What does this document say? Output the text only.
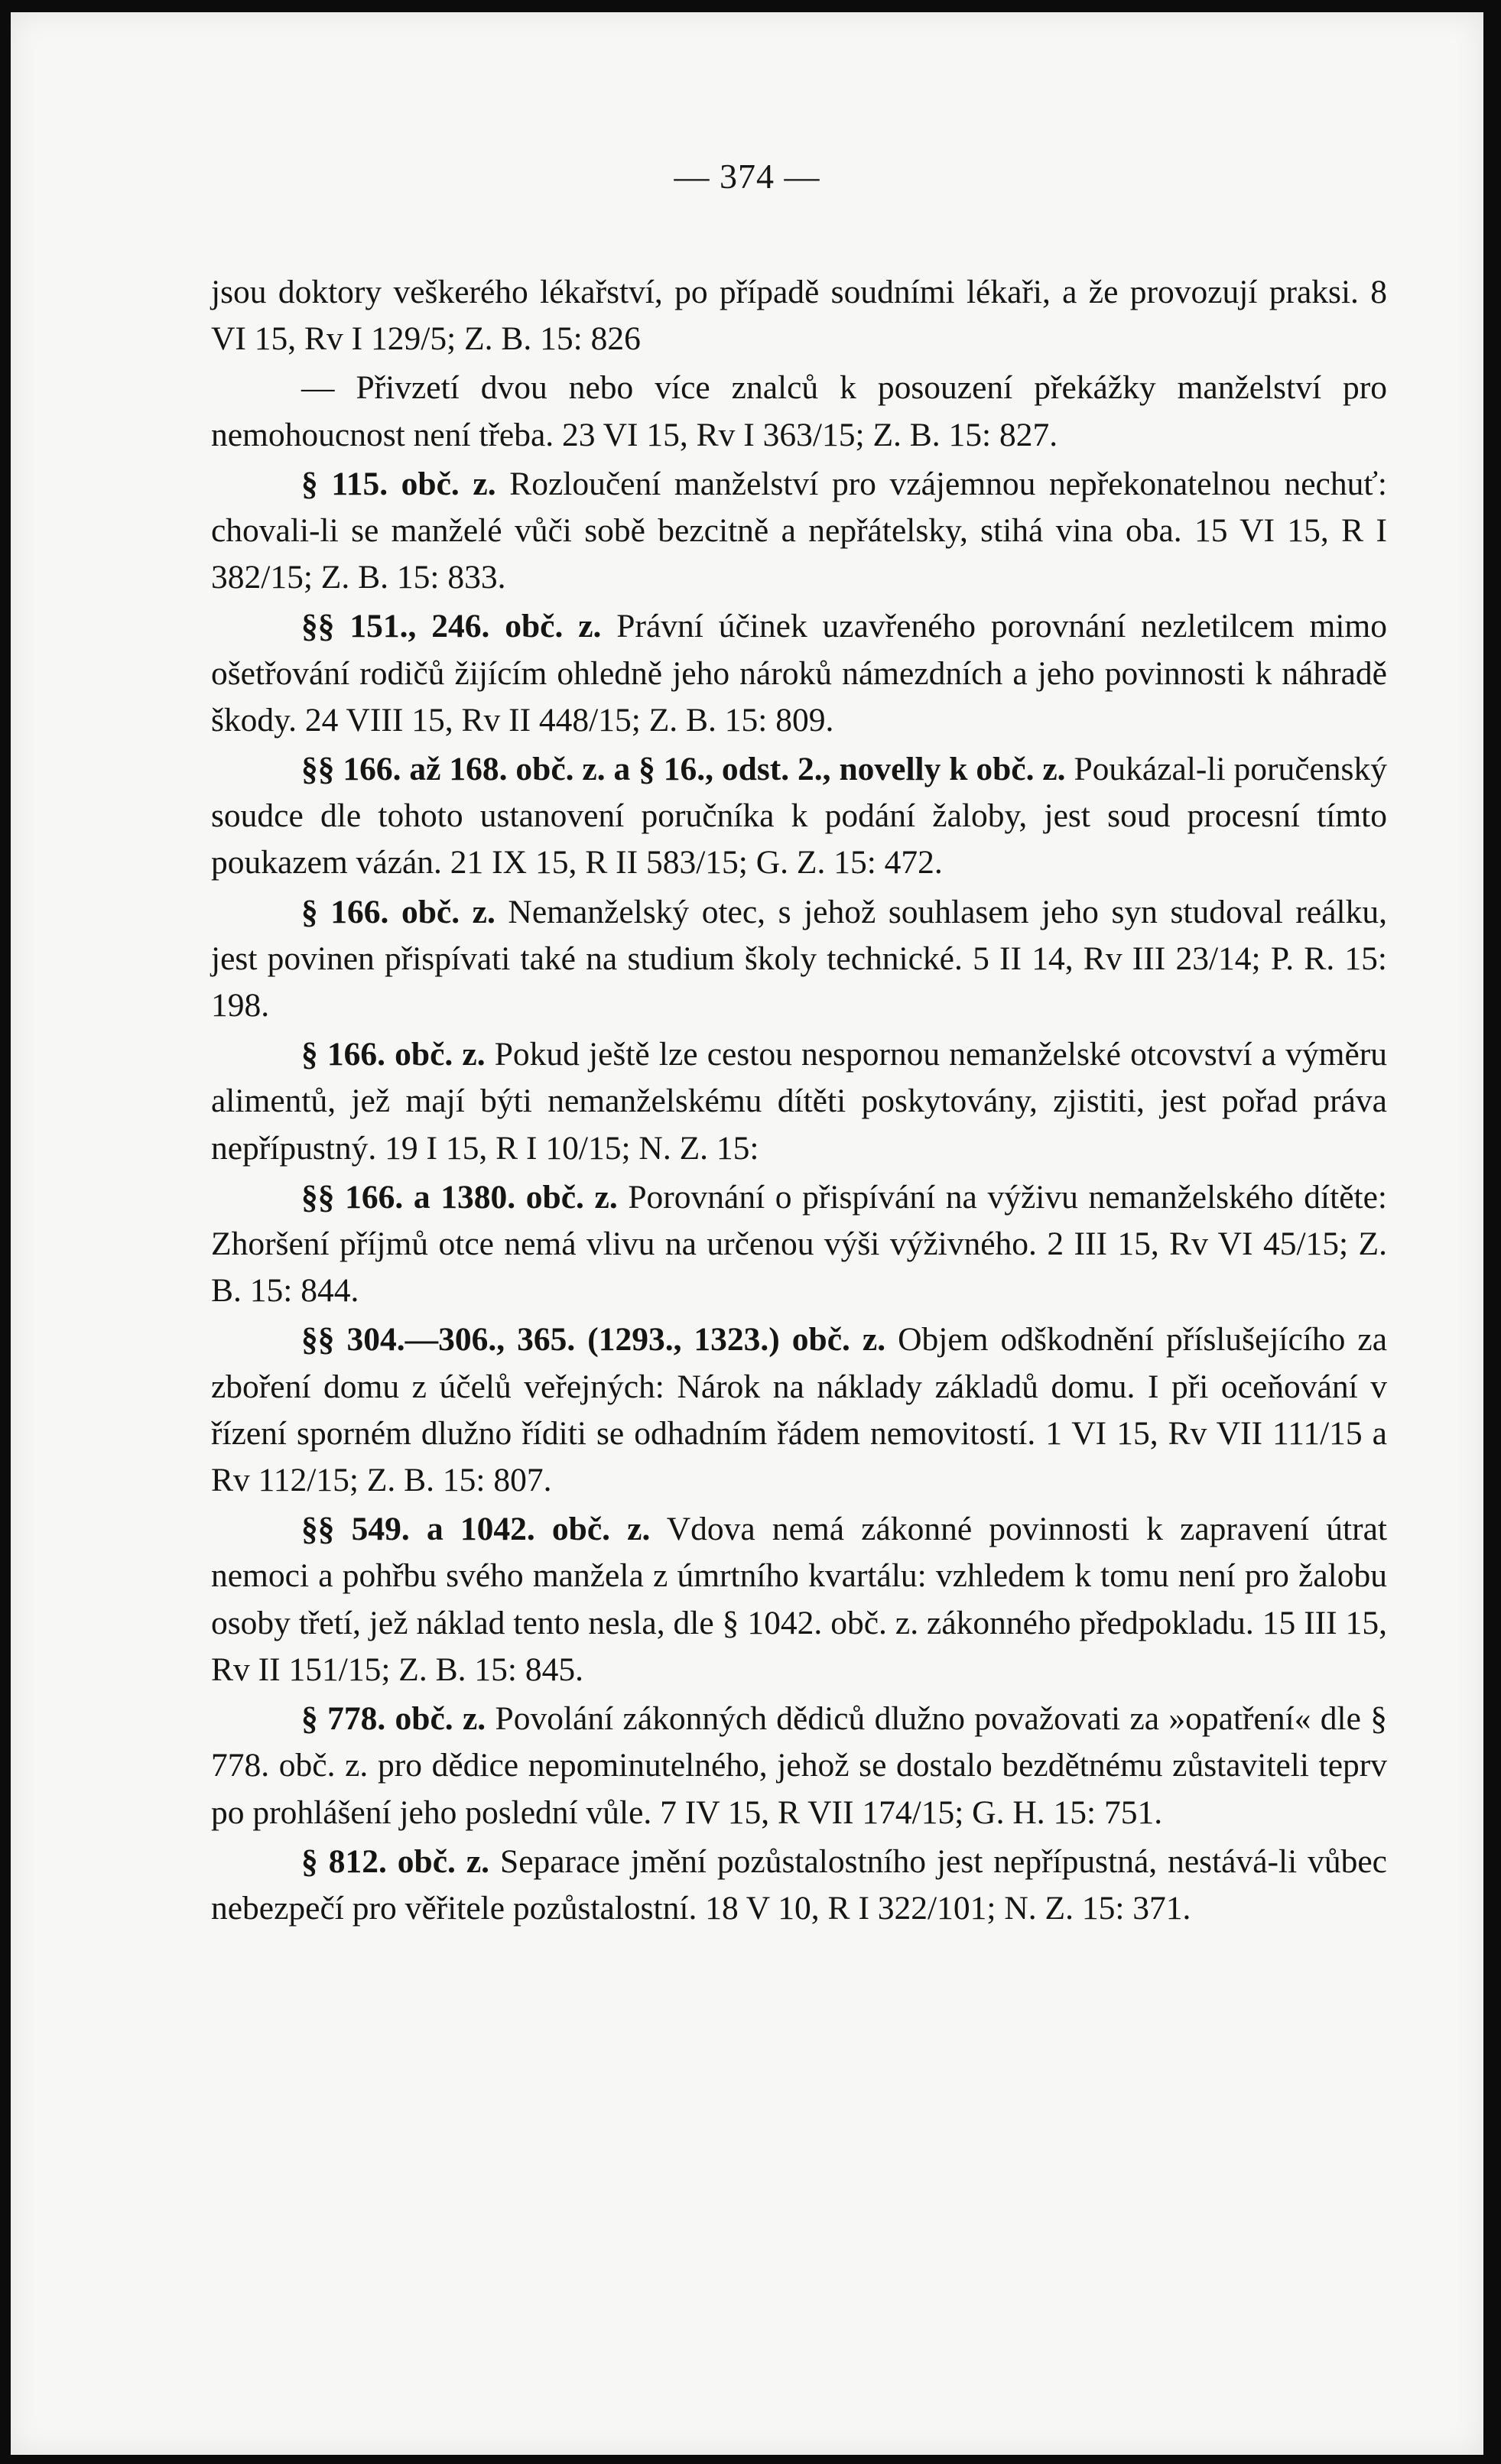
— 374 —

jsou doktory veškerého lékařství, po případě soudními lékaři, a že provozují praksi. 8 VI 15, Rv I 129/5; Z. B. 15: 826

— Přivzetí dvou nebo více znalců k posouzení překážky manželství pro nemohoucnost není třeba. 23 VI 15, Rv I 363/15; Z. B. 15: 827.

§ 115. obč. z. Rozloučení manželství pro vzájemnou nepřekonatelnou nechuť: chovali-li se manželé vůči sobě bezcitně a nepřátelsky, stihá vina oba. 15 VI 15, R I 382/15; Z. B. 15: 833.

§§ 151., 246. obč. z. Právní účinek uzavřeného porovnání nezletilcem mimo ošetřování rodičů žijícím ohledně jeho nároků námezdních a jeho povinnosti k náhradě škody. 24 VIII 15, Rv II 448/15; Z. B. 15: 809.

§§ 166. až 168. obč. z. a § 16., odst. 2., novelly k obč. z. Poukázal-li poručenský soudce dle tohoto ustanovení poručníka k podání žaloby, jest soud procesní tímto poukazem vázán. 21 IX 15, R II 583/15; G. Z. 15: 472.

§ 166. obč. z. Nemanželský otec, s jehož souhlasem jeho syn studoval reálku, jest povinen přispívati také na studium školy technické. 5 II 14, Rv III 23/14; P. R. 15: 198.

§ 166. obč. z. Pokud ještě lze cestou nespornou nemanželské otcovství a výměru alimentů, jež mají býti nemanželskému dítěti poskytovány, zjistiti, jest pořad práva nepřípustný. 19 I 15, R I 10/15; N. Z. 15:

§§ 166. a 1380. obč. z. Porovnání o přispívání na výživu nemanželského dítěte: Zhoršení příjmů otce nemá vlivu na určenou výši výživného. 2 III 15, Rv VI 45/15; Z. B. 15: 844.

§§ 304.—306., 365. (1293., 1323.) obč. z. Objem odškodnění příslušejícího za zboření domu z účelů veřejných: Nárok na náklady základů domu. I při oceňování v řízení sporném dlužno říditi se odhadním řádem nemovitostí. 1 VI 15, Rv VII 111/15 a Rv 112/15; Z. B. 15: 807.

§§ 549. a 1042. obč. z. Vdova nemá zákonné povinnosti k zapravení útrat nemoci a pohřbu svého manžela z úmrtního kvartálu: vzhledem k tomu není pro žalobu osoby třetí, jež náklad tento nesla, dle § 1042. obč. z. zákonného předpokladu. 15 III 15, Rv II 151/15; Z. B. 15: 845.

§ 778. obč. z. Povolání zákonných dědiců dlužno považovati za »opatření« dle § 778. obč. z. pro dědice nepominutelného, jehož se dostalo bezdětnému zůstaviteli teprv po prohlášení jeho poslední vůle. 7 IV 15, R VII 174/15; G. H. 15: 751.

§ 812. obč. z. Separace jmění pozůstalostního jest nepřípustná, nestává-li vůbec nebezpečí pro věřitele pozůstalostní. 18 V 10, R I 322/101; N. Z. 15: 371.
